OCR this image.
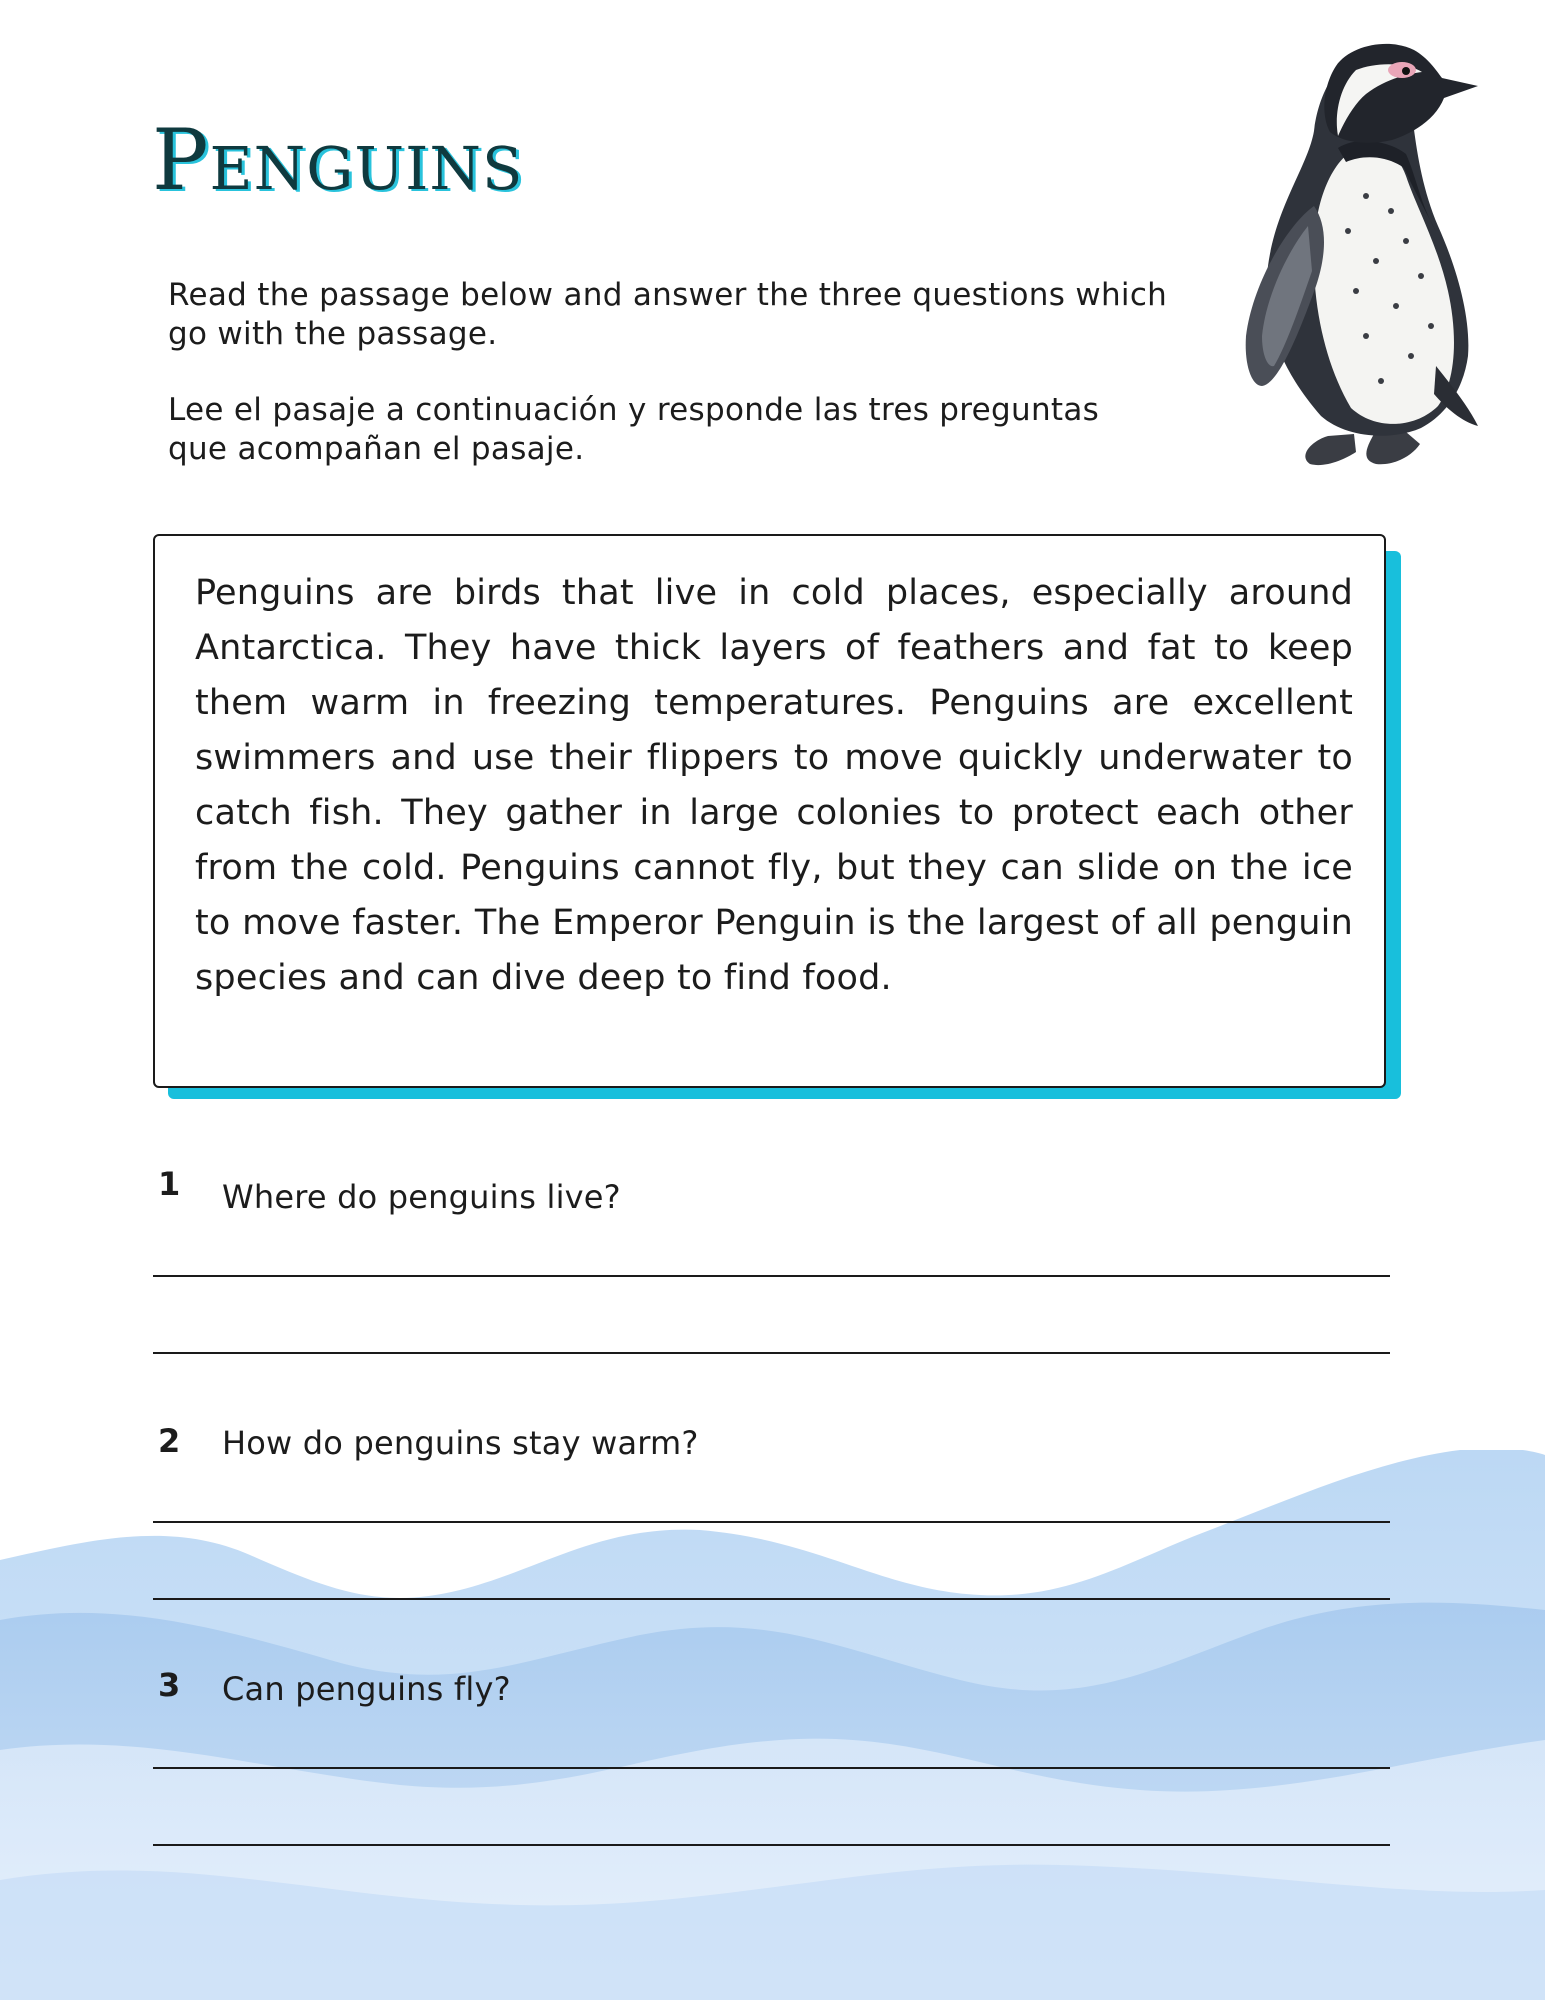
Penguins

Read the passage below and answer the three questions which go with the passage.

Lee el pasaje a continuación y responde las tres preguntas que acompañan el pasaje.

Penguins are birds that live in cold places, especially around Antarctica. They have thick layers of feathers and fat to keep them warm in freezing temperatures. Penguins are excellent swimmers and use their flippers to move quickly underwater to catch fish. They gather in large colonies to protect each other from the cold. Penguins cannot fly, but they can slide on the ice to move faster. The Emperor Penguin is the largest of all penguin species and can dive deep to find food.

1 Where do penguins live?
2 How do penguins stay warm?
3 Can penguins fly?
